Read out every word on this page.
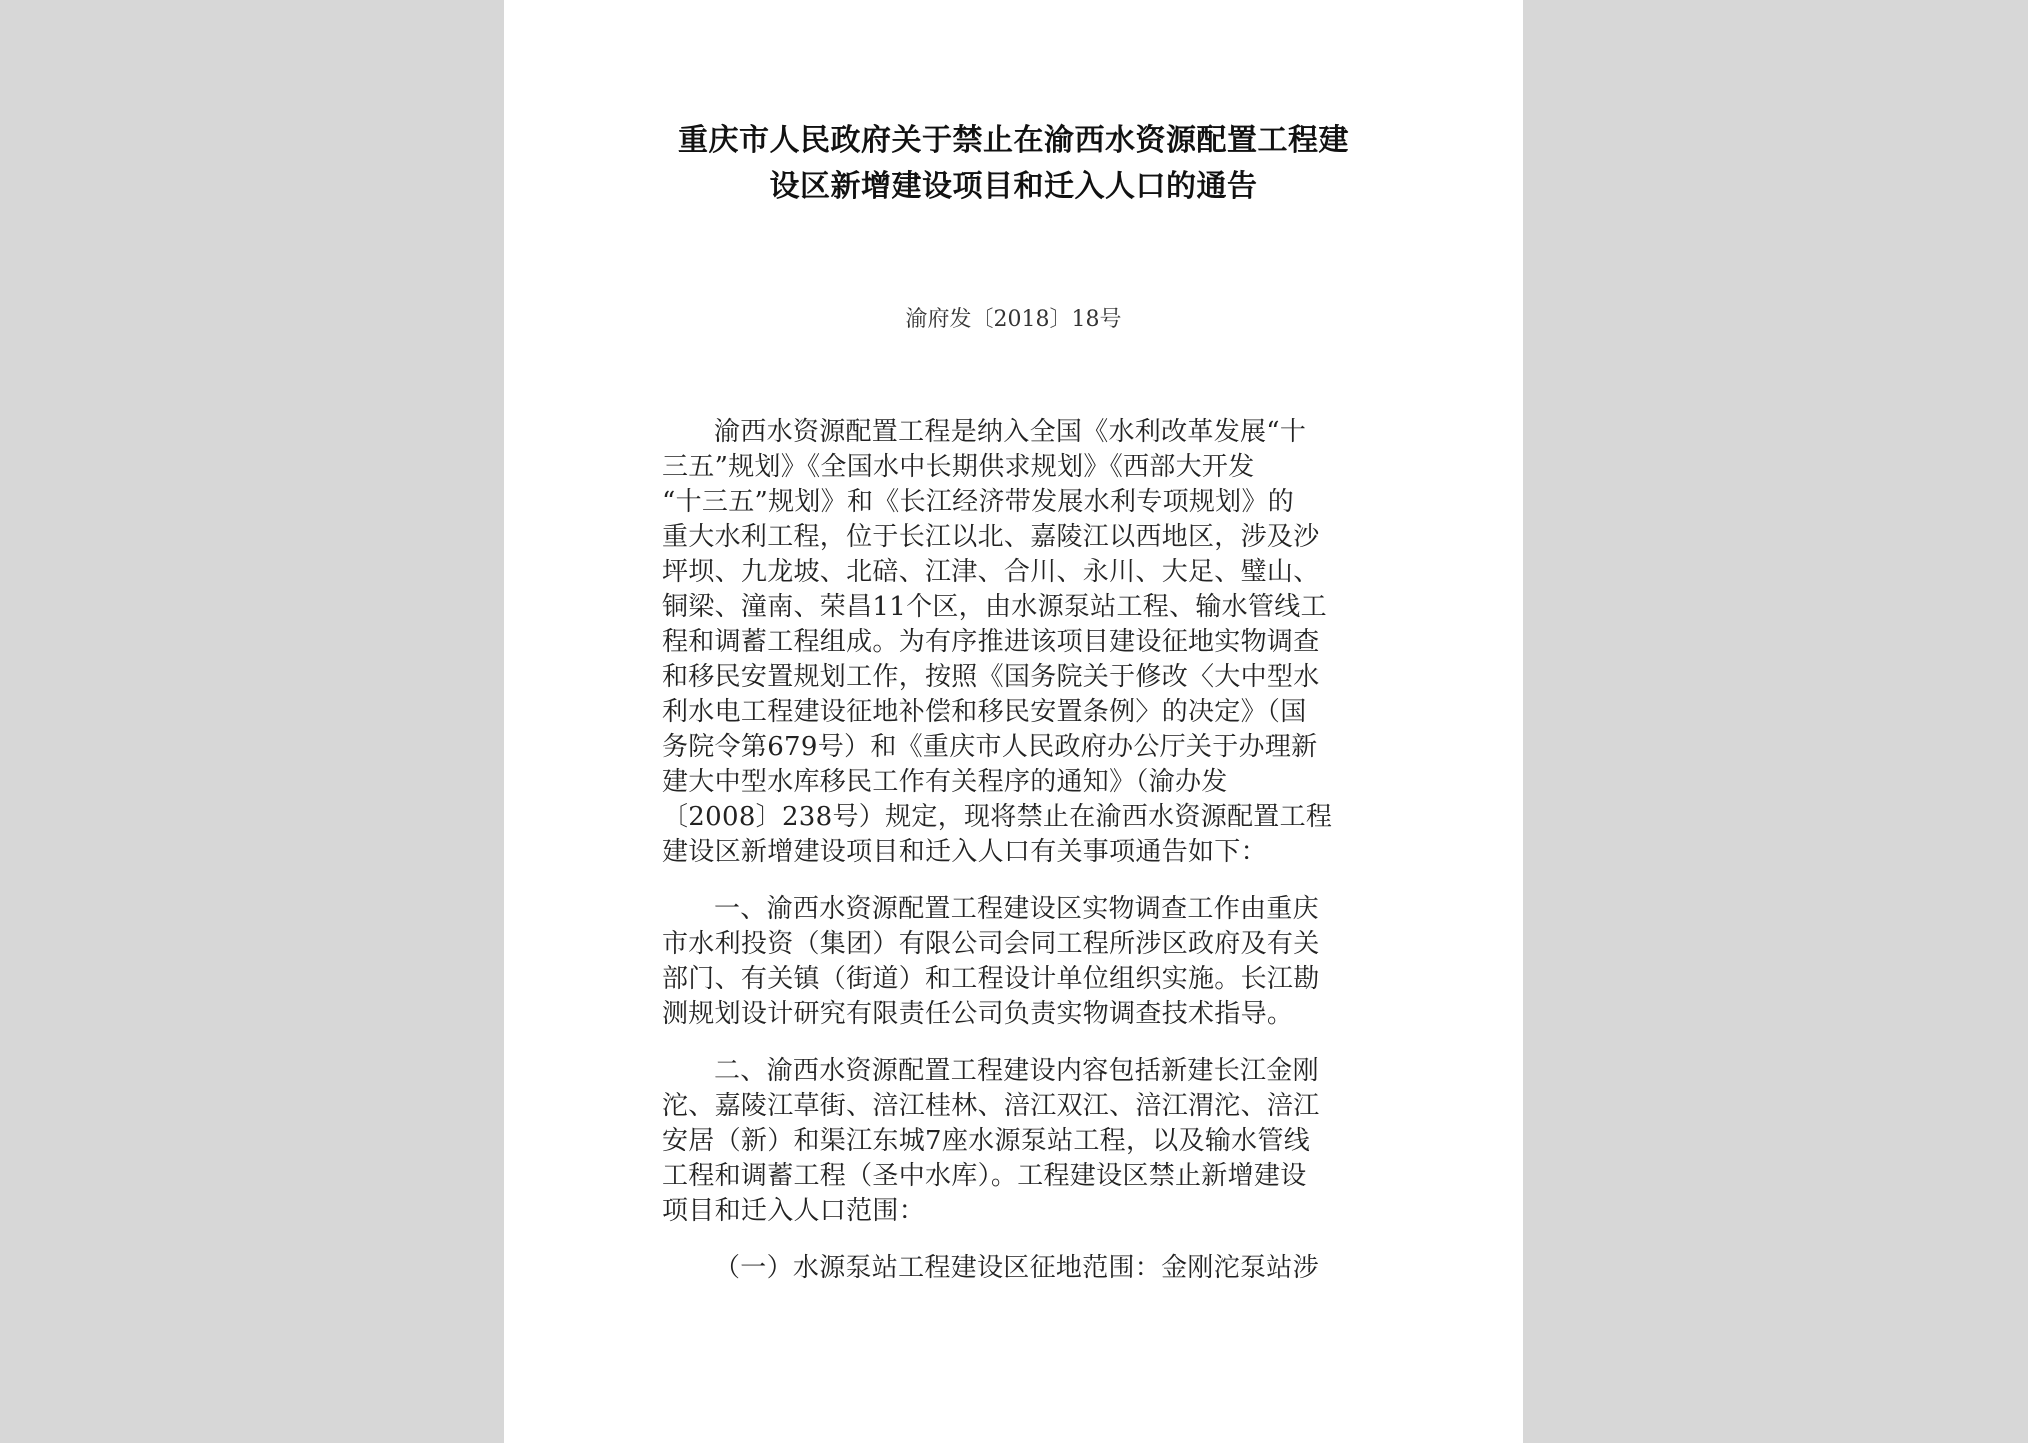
重庆市人民政府关于禁止在渝西水资源配置工程建
设区新增建设项目和迁入人口的通告
渝府发〔2018〕18号

渝西水资源配置工程是纳入全国《水利改革发展“十
三五”规划》《全国水中长期供求规划》《西部大开发
“十三五”规划》和《长江经济带发展水利专项规划》的
重大水利工程，位于长江以北、嘉陵江以西地区，涉及沙
坪坝、九龙坡、北碚、江津、合川、永川、大足、璧山、
铜梁、潼南、荣昌11个区，由水源泵站工程、输水管线工
程和调蓄工程组成。为有序推进该项目建设征地实物调查
和移民安置规划工作，按照《国务院关于修改〈大中型水
利水电工程建设征地补偿和移民安置条例〉的决定》（国
务院令第679号）和《重庆市人民政府办公厅关于办理新
建大中型水库移民工作有关程序的通知》（渝办发
〔2008〕238号）规定，现将禁止在渝西水资源配置工程
建设区新增建设项目和迁入人口有关事项通告如下：

一、渝西水资源配置工程建设区实物调查工作由重庆
市水利投资（集团）有限公司会同工程所涉区政府及有关
部门、有关镇（街道）和工程设计单位组织实施。长江勘
测规划设计研究有限责任公司负责实物调查技术指导。

二、渝西水资源配置工程建设内容包括新建长江金刚
沱、嘉陵江草街、涪江桂林、涪江双江、涪江渭沱、涪江
安居（新）和渠江东城7座水源泵站工程，以及输水管线
工程和调蓄工程（圣中水库）。工程建设区禁止新增建设
项目和迁入人口范围：

（一）水源泵站工程建设区征地范围：金刚沱泵站涉
